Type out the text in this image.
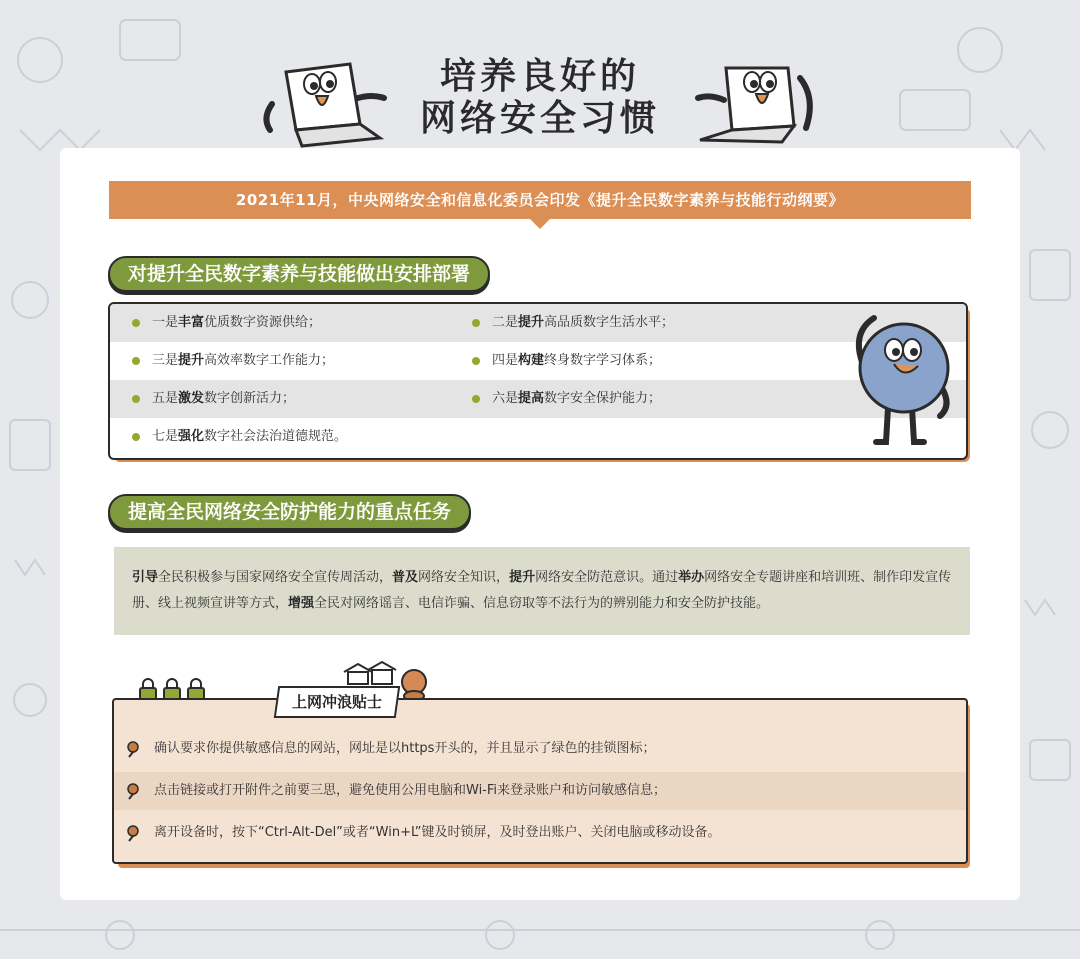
培养良好的
网络安全习惯
2021年11月，中央网络安全和信息化委员会印发《提升全民数字素养与技能行动纲要》
对提升全民数字素养与技能做出安排部署
一是丰富优质数字资源供给；	二是提升高品质数字生活水平；
三是提升高效率数字工作能力；	四是构建终身数字学习体系；
五是激发数字创新活力；	六是提高数字安全保护能力；
七是强化数字社会法治道德规范。
提高全民网络安全防护能力的重点任务
引导全民积极参与国家网络安全宣传周活动，普及网络安全知识，提升网络安全防范意识。通过举办网络安全专题讲座和培训班、制作印发宣传册、线上视频宣讲等方式，增强全民对网络谣言、电信诈骗、信息窃取等不法行为的辨别能力和安全防护技能。
确认要求你提供敏感信息的网站，网址是以https开头的，并且显示了绿色的挂锁图标；
点击链接或打开附件之前要三思，避免使用公用电脑和Wi-Fi来登录账户和访问敏感信息；
离开设备时，按下“Ctrl-Alt-Del”或者“Win+L”键及时锁屏，及时登出账户、关闭电脑或移动设备。
上网冲浪贴士
